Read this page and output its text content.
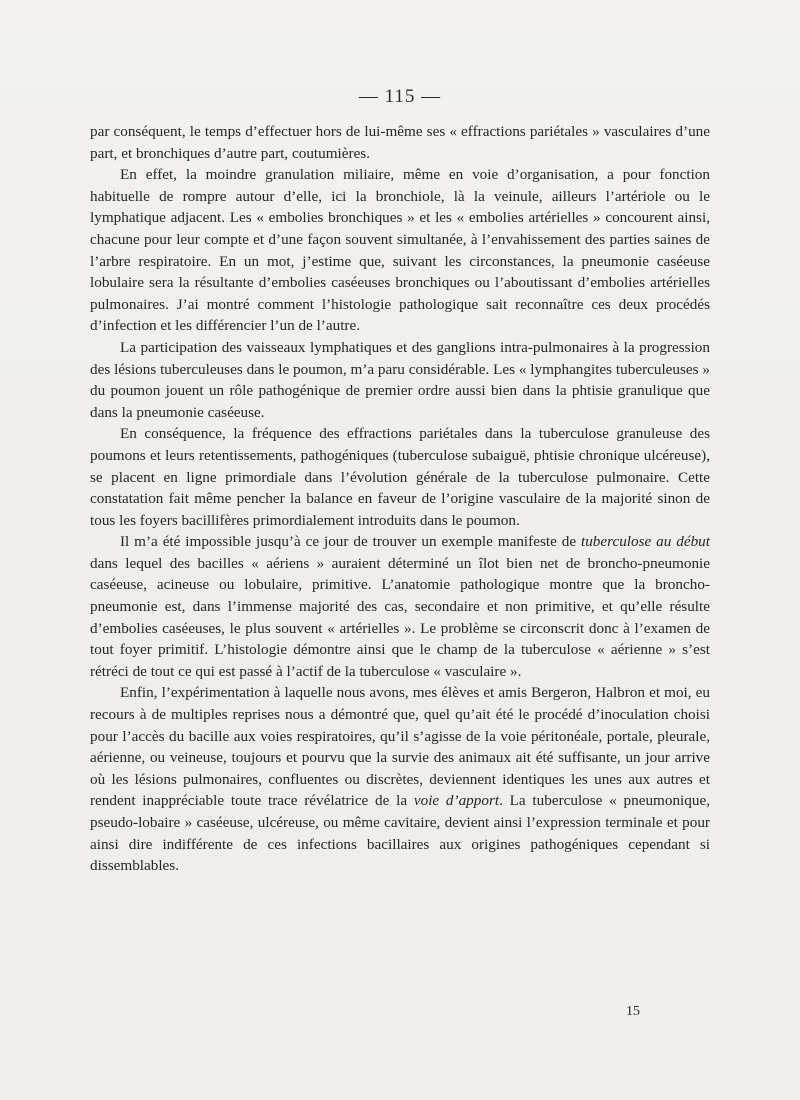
— 115 —

par conséquent, le temps d’effectuer hors de lui-même ses « effractions pariétales » vasculaires d’une part, et bronchiques d’autre part, coutumières.

En effet, la moindre granulation miliaire, même en voie d’organisation, a pour fonction habituelle de rompre autour d’elle, ici la bronchiole, là la veinule, ailleurs l’artériole ou le lymphatique adjacent. Les « embolies bronchiques » et les « embolies artérielles » concourent ainsi, chacune pour leur compte et d’une façon souvent simultanée, à l’envahissement des parties saines de l’arbre respiratoire. En un mot, j’estime que, suivant les circonstances, la pneumonie caséeuse lobulaire sera la résultante d’embolies caséeuses bronchiques ou l’aboutissant d’embolies artérielles pulmonaires. J’ai montré comment l’histologie pathologique sait reconnaître ces deux procédés d’infection et les différencier l’un de l’autre.

La participation des vaisseaux lymphatiques et des ganglions intra-pulmonaires à la progression des lésions tuberculeuses dans le poumon, m’a paru considérable. Les « lymphangites tuberculeuses » du poumon jouent un rôle pathogénique de premier ordre aussi bien dans la phtisie granulique que dans la pneumonie caséeuse.

En conséquence, la fréquence des effractions pariétales dans la tuberculose granuleuse des poumons et leurs retentissements, pathogéniques (tuberculose subaiguë, phtisie chronique ulcéreuse), se placent en ligne primordiale dans l’évolution générale de la tuberculose pulmonaire. Cette constatation fait même pencher la balance en faveur de l’origine vasculaire de la majorité sinon de tous les foyers bacillifères primordialement introduits dans le poumon.

Il m’a été impossible jusqu’à ce jour de trouver un exemple manifeste de tuberculose au début dans lequel des bacilles « aériens » auraient déterminé un îlot bien net de broncho-pneumonie caséeuse, acineuse ou lobulaire, primitive. L’anatomie pathologique montre que la broncho-pneumonie est, dans l’immense majorité des cas, secondaire et non primitive, et qu’elle résulte d’embolies caséeuses, le plus souvent « artérielles ». Le problème se circonscrit donc à l’examen de tout foyer primitif. L’histologie démontre ainsi que le champ de la tuberculose « aérienne » s’est rétréci de tout ce qui est passé à l’actif de la tuberculose « vasculaire ».

Enfin, l’expérimentation à laquelle nous avons, mes élèves et amis Bergeron, Halbron et moi, eu recours à de multiples reprises nous a démontré que, quel qu’ait été le procédé d’inoculation choisi pour l’accès du bacille aux voies respiratoires, qu’il s’agisse de la voie péritonéale, portale, pleurale, aérienne, ou veineuse, toujours et pourvu que la survie des animaux ait été suffisante, un jour arrive où les lésions pulmonaires, confluentes ou discrètes, deviennent identiques les unes aux autres et rendent inappréciable toute trace révélatrice de la voie d’apport. La tuberculose « pneumonique, pseudo-lobaire » caséeuse, ulcéreuse, ou même cavitaire, devient ainsi l’expression terminale et pour ainsi dire indifférente de ces infections bacillaires aux origines pathogéniques cependant si dissemblables.

15
